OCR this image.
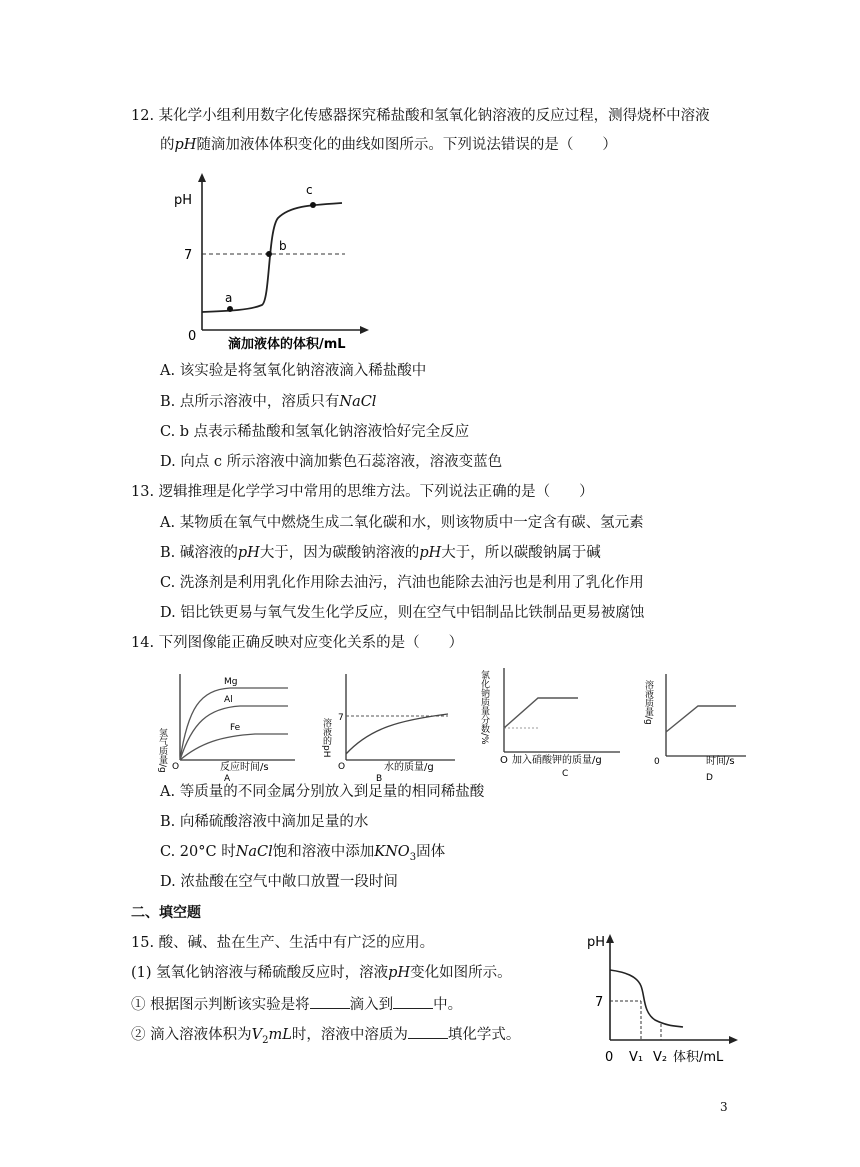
12. 某化学小组利用数字化传感器探究稀盐酸和氢氧化钠溶液的反应过程，测得烧杯中溶液
的pH随滴加液体体积变化的曲线如图所示。下列说法错误的是（　　）
pH
7
0
a
b
c
滴加液体的体积/mL
A. 该实验是将氢氧化钠溶液滴入稀盐酸中
B. 点所示溶液中，溶质只有NaCl
C. b 点表示稀盐酸和氢氧化钠溶液恰好完全反应
D. 向点 c 所示溶液中滴加紫色石蕊溶液，溶液变蓝色
13. 逻辑推理是化学学习中常用的思维方法。下列说法正确的是（　　）
A. 某物质在氧气中燃烧生成二氧化碳和水，则该物质中一定含有碳、氢元素
B. 碱溶液的pH大于，因为碳酸钠溶液的pH大于，所以碳酸钠属于碱
C. 洗涤剂是利用乳化作用除去油污，汽油也能除去油污也是利用了乳化作用
D. 铝比铁更易与氧气发生化学反应，则在空气中铝制品比铁制品更易被腐蚀
14. 下列图像能正确反映对应变化关系的是（　　）
氢气质量/g
Mg
Al
Fe
O	反应时间/s
A
溶液的pH 7
O	水的质量/g
B
氯化钠质量分数/%
O 加入硝酸钾的质量/g
C
溶液质量/g
0	时间/s
D
A. 等质量的不同金属分别放入到足量的相同稀盐酸
B. 向稀硫酸溶液中滴加足量的水
C. 20°C 时NaCl饱和溶液中添加$KNO_3$固体
D. 浓盐酸在空气中敞口放置一段时间
二、填空题
15. 酸、碱、盐在生产、生活中有广泛的应用。
(1) 氢氧化钠溶液与稀硫酸反应时，溶液pH变化如图所示。
① 根据图示判断该实验是将	滴入到	中。
② 滴入溶液体积为$V_2mL$时，溶液中溶质为	填化学式。
pH
7
0 V₁ V₂ 体积/mL
3
